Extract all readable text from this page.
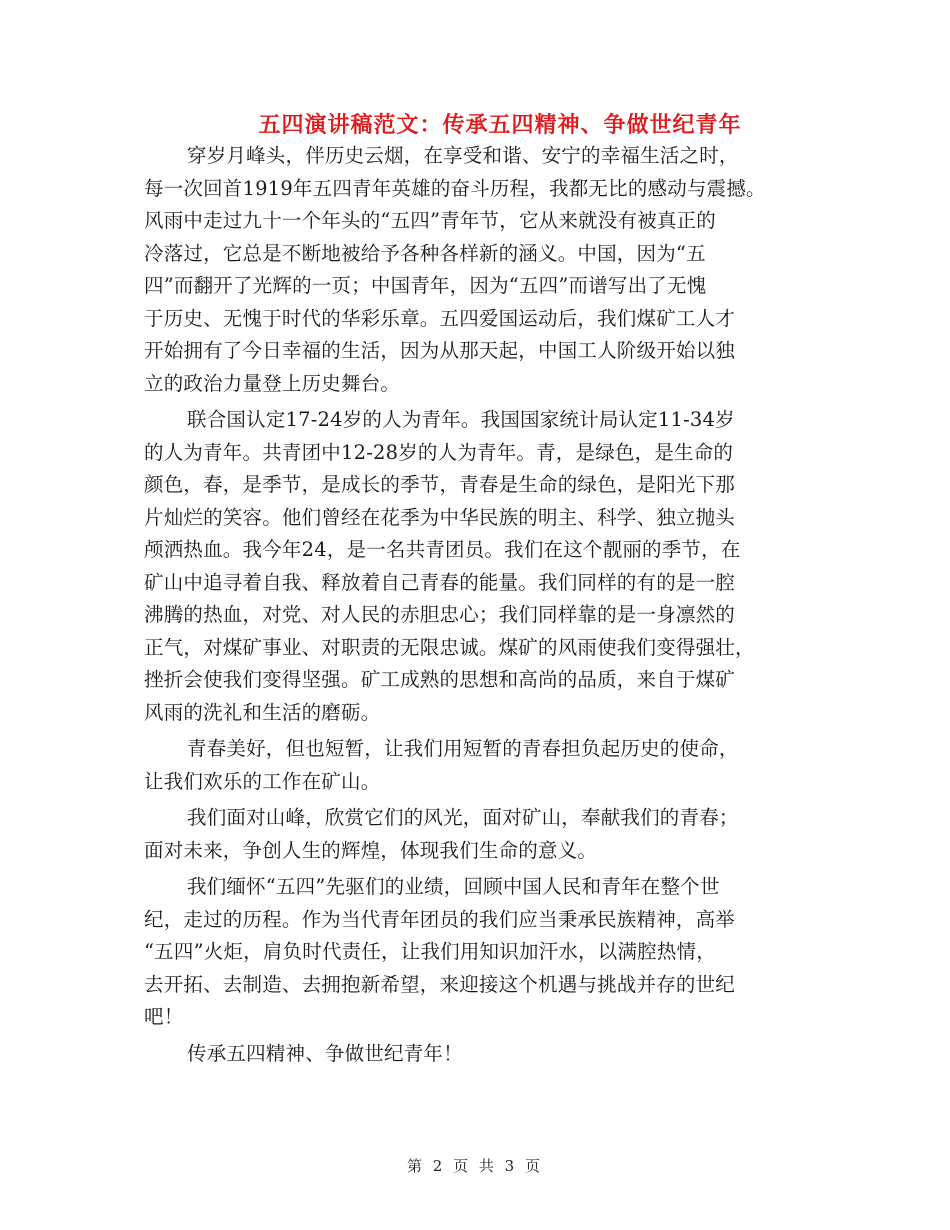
五四演讲稿范文：传承五四精神、争做世纪青年
穿岁月峰头，伴历史云烟，在享受和谐、安宁的幸福生活之时，
每一次回首1919年五四青年英雄的奋斗历程，我都无比的感动与震撼。
风雨中走过九十一个年头的“五四”青年节，它从来就没有被真正的
冷落过，它总是不断地被给予各种各样新的涵义。中国，因为“五
四”而翻开了光辉的一页；中国青年，因为“五四”而谱写出了无愧
于历史、无愧于时代的华彩乐章。五四爱国运动后，我们煤矿工人才
开始拥有了今日幸福的生活，因为从那天起，中国工人阶级开始以独
立的政治力量登上历史舞台。
联合国认定17-24岁的人为青年。我国国家统计局认定11-34岁
的人为青年。共青团中12-28岁的人为青年。青，是绿色，是生命的
颜色，春，是季节，是成长的季节，青春是生命的绿色，是阳光下那
片灿烂的笑容。他们曾经在花季为中华民族的明主、科学、独立抛头
颅洒热血。我今年24，是一名共青团员。我们在这个靓丽的季节，在
矿山中追寻着自我、释放着自己青春的能量。我们同样的有的是一腔
沸腾的热血，对党、对人民的赤胆忠心；我们同样靠的是一身凛然的
正气，对煤矿事业、对职责的无限忠诚。煤矿的风雨使我们变得强壮，
挫折会使我们变得坚强。矿工成熟的思想和高尚的品质，来自于煤矿
风雨的洗礼和生活的磨砺。
青春美好，但也短暂，让我们用短暂的青春担负起历史的使命，
让我们欢乐的工作在矿山。
我们面对山峰，欣赏它们的风光，面对矿山，奉献我们的青春；
面对未来，争创人生的辉煌，体现我们生命的意义。
我们缅怀“五四”先驱们的业绩，回顾中国人民和青年在整个世
纪，走过的历程。作为当代青年团员的我们应当秉承民族精神，高举
“五四”火炬，肩负时代责任，让我们用知识加汗水，以满腔热情，
去开拓、去制造、去拥抱新希望，来迎接这个机遇与挑战并存的世纪
吧！
传承五四精神、争做世纪青年！
第 2 页 共 3 页
